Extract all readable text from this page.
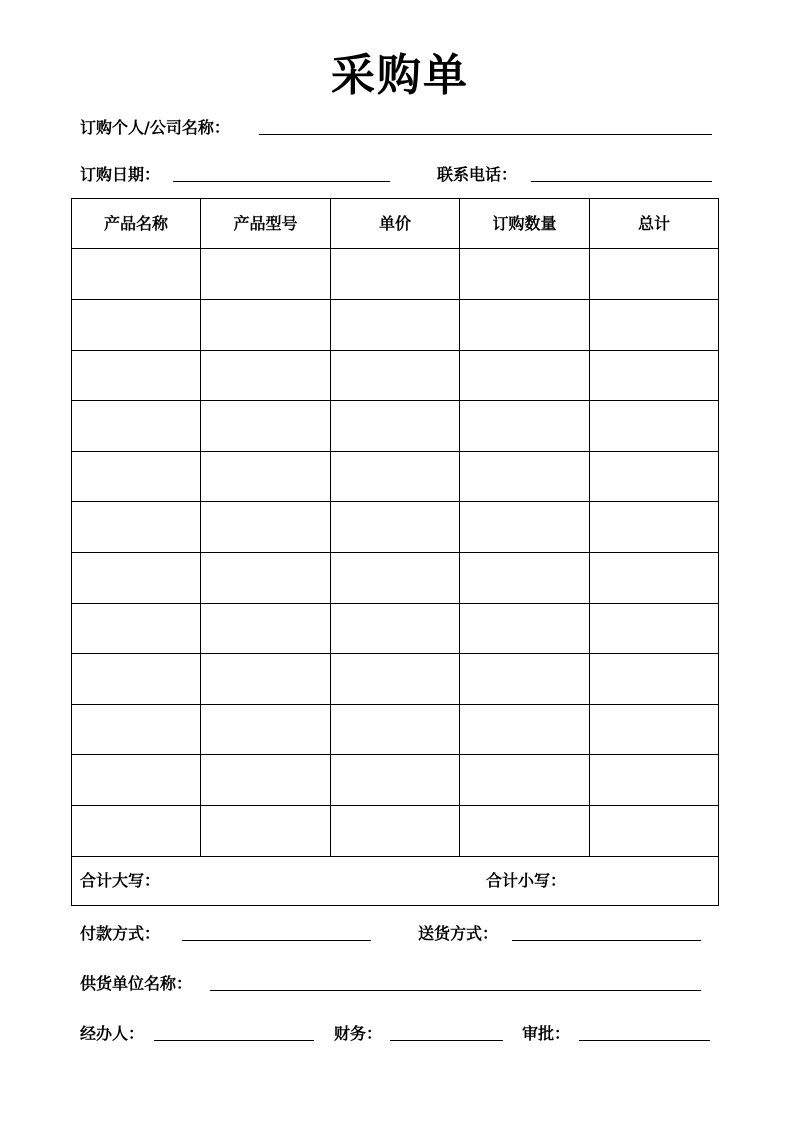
采购单
订购个人/公司名称：
订购日期：	联系电话：
产品名称	产品型号	单价	订购数量	总计
合计大写：	合计小写：
付款方式：	送货方式：
供货单位名称：
经办人：	财务：	审批：
